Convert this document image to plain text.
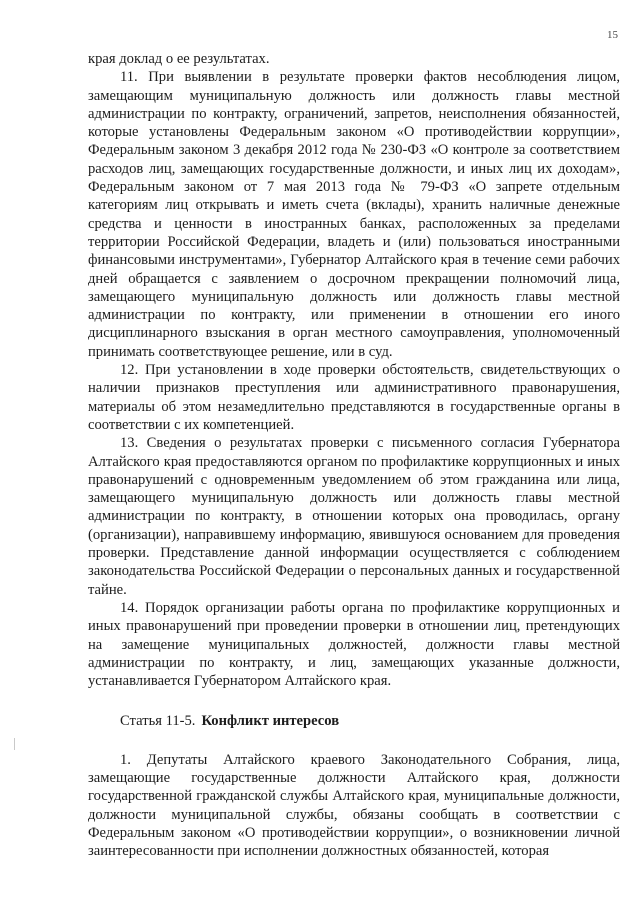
15

края доклад о ее результатах.

11. При выявлении в результате проверки фактов несоблюдения лицом, замещающим муниципальную должность или должность главы местной администрации по контракту, ограничений, запретов, неисполнения обязанностей, которые установлены Федеральным законом «О противодействии коррупции», Федеральным законом 3 декабря 2012 года № 230-ФЗ «О контроле за соответствием расходов лиц, замещающих государственные должности, и иных лиц их доходам», Федеральным законом от 7 мая 2013 года № 79-ФЗ «О запрете отдельным категориям лиц открывать и иметь счета (вклады), хранить наличные денежные средства и ценности в иностранных банках, расположенных за пределами территории Российской Федерации, владеть и (или) пользоваться иностранными финансовыми инструментами», Губернатор Алтайского края в течение семи рабочих дней обращается с заявлением о досрочном прекращении полномочий лица, замещающего муниципальную должность или должность главы местной администрации по контракту, или применении в отношении его иного дисциплинарного взыскания в орган местного самоуправления, уполномоченный принимать соответствующее решение, или в суд.

12. При установлении в ходе проверки обстоятельств, свидетельствующих о наличии признаков преступления или административного правонарушения, материалы об этом незамедлительно представляются в государственные органы в соответствии с их компетенцией.

13. Сведения о результатах проверки с письменного согласия Губернатора Алтайского края предоставляются органом по профилактике коррупционных и иных правонарушений с одновременным уведомлением об этом гражданина или лица, замещающего муниципальную должность или должность главы местной администрации по контракту, в отношении которых она проводилась, органу (организации), направившему информацию, явившуюся основанием для проведения проверки. Представление данной информации осуществляется с соблюдением законодательства Российской Федерации о персональных данных и государственной тайне.

14. Порядок организации работы органа по профилактике коррупционных и иных правонарушений при проведении проверки в отношении лиц, претендующих на замещение муниципальных должностей, должности главы местной администрации по контракту, и лиц, замещающих указанные должности, устанавливается Губернатором Алтайского края.

Статья 11-5. Конфликт интересов

1. Депутаты Алтайского краевого Законодательного Собрания, лица, замещающие государственные должности Алтайского края, должности государственной гражданской службы Алтайского края, муниципальные должности, должности муниципальной службы, обязаны сообщать в соответствии с Федеральным законом «О противодействии коррупции», о возникновении личной заинтересованности при исполнении должностных обязанностей, которая
